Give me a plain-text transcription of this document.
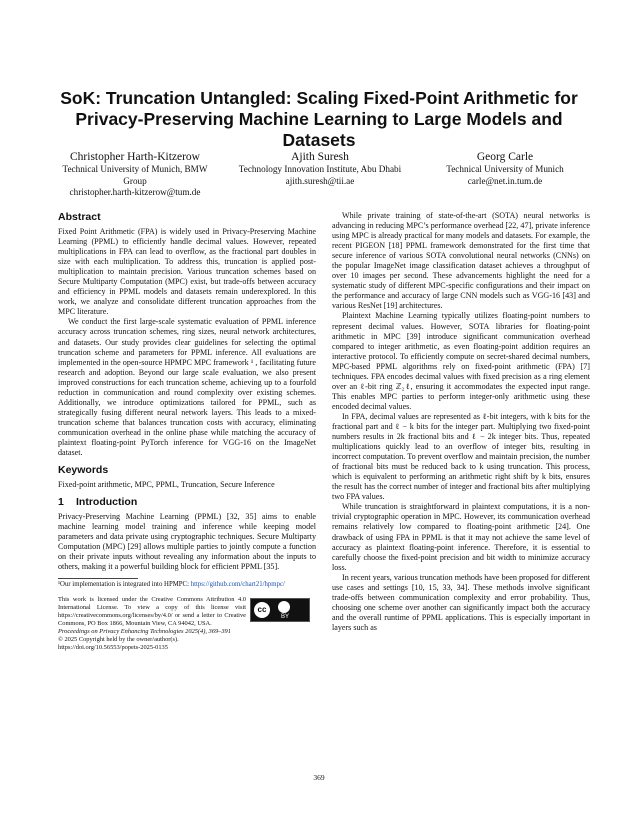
SoK: Truncation Untangled: Scaling Fixed-Point Arithmetic for Privacy-Preserving Machine Learning to Large Models and Datasets
Christopher Harth-Kitzerow
Technical University of Munich, BMW Group
christopher.harth-kitzerow@tum.de
Ajith Suresh
Technology Innovation Institute, Abu Dhabi
ajith.suresh@tii.ae
Georg Carle
Technical University of Munich
carle@net.in.tum.de
Abstract

Fixed Point Arithmetic (FPA) is widely used in Privacy-Preserving Machine Learning (PPML) to efficiently handle decimal values. However, repeated multiplications in FPA can lead to overflow, as the fractional part doubles in size with each multiplication. To address this, truncation is applied post-multiplication to maintain precision. Various truncation schemes based on Secure Multiparty Computation (MPC) exist, but trade-offs between accuracy and efficiency in PPML models and datasets remain underexplored. In this work, we analyze and consolidate different truncation approaches from the MPC literature.

We conduct the first large-scale systematic evaluation of PPML inference accuracy across truncation schemes, ring sizes, neural network architectures, and datasets. Our study provides clear guidelines for selecting the optimal truncation scheme and parameters for PPML inference. All evaluations are implemented in the open-source HPMPC MPC framework ¹ , facilitating future research and adoption. Beyond our large scale evaluation, we also present improved constructions for each truncation scheme, achieving up to a fourfold reduction in communication and round complexity over existing schemes. Additionally, we introduce optimizations tailored for PPML, such as strategically fusing different neural network layers. This leads to a mixed-truncation scheme that balances truncation costs with accuracy, eliminating communication overhead in the online phase while matching the accuracy of plaintext floating-point PyTorch inference for VGG-16 on the ImageNet dataset.

Keywords

Fixed-point arithmetic, MPC, PPML, Truncation, Secure Inference

1 Introduction

Privacy-Preserving Machine Learning (PPML) [32, 35] aims to enable machine learning model training and inference while keeping model parameters and data private using cryptographic techniques. Secure Multiparty Computation (MPC) [29] allows multiple parties to jointly compute a function on their private inputs without revealing any information about the inputs to others, making it a powerful building block for efficient PPML [35].

¹Our implementation is integrated into HPMPC: https://github.com/chart21/hpmpc/
This work is licensed under the Creative Commons Attribution 4.0 International License. To view a copy of this license visit https://creativecommons.org/licenses/by/4.0/ or send a letter to Creative Commons, PO Box 1866, Mountain View, CA 94042, USA.
cc
BY
Proceedings on Privacy Enhancing Technologies 2025(4), 369–391
© 2025 Copyright held by the owner/author(s).
https://doi.org/10.56553/popets-2025-0135

While private training of state-of-the-art (SOTA) neural networks is advancing in reducing MPC’s performance overhead [22, 47], private inference using MPC is already practical for many models and datasets. For example, the recent PIGEON [18] PPML framework demonstrated for the first time that secure inference of various SOTA convolutional neural networks (CNNs) on the popular ImageNet image classification dataset achieves a throughput of over 10 images per second. These advancements highlight the need for a systematic study of different MPC-specific configurations and their impact on the performance and accuracy of large CNN models such as VGG-16 [43] and various ResNet [19] architectures.

Plaintext Machine Learning typically utilizes floating-point numbers to represent decimal values. However, SOTA libraries for floating-point arithmetic in MPC [39] introduce significant communication overhead compared to integer arithmetic, as even floating-point addition requires an interactive protocol. To efficiently compute on secret-shared decimal numbers, MPC-based PPML algorithms rely on fixed-point arithmetic (FPA) [7] techniques. FPA encodes decimal values with fixed precision as a ring element over an ℓ-bit ring ℤ₂ℓ, ensuring it accommodates the expected input range. This enables MPC parties to perform integer-only arithmetic using these encoded decimal values.

In FPA, decimal values are represented as ℓ-bit integers, with k bits for the fractional part and ℓ − k bits for the integer part. Multiplying two fixed-point numbers results in 2k fractional bits and ℓ − 2k integer bits. Thus, repeated multiplications quickly lead to an overflow of integer bits, resulting in incorrect computation. To prevent overflow and maintain precision, the number of fractional bits must be reduced back to k using truncation. This process, which is equivalent to performing an arithmetic right shift by k bits, ensures the result has the correct number of integer and fractional bits after multiplying two FPA values.

While truncation is straightforward in plaintext computations, it is a non-trivial cryptographic operation in MPC. However, its communication overhead remains relatively low compared to floating-point arithmetic [24]. One drawback of using FPA in PPML is that it may not achieve the same level of accuracy as plaintext floating-point inference. Therefore, it is essential to carefully choose the fixed-point precision and bit width to minimize accuracy loss.

In recent years, various truncation methods have been proposed for different use cases and settings [10, 15, 33, 34]. These methods involve significant trade-offs between communication complexity and error probability. Thus, choosing one scheme over another can significantly impact both the accuracy and the overall runtime of PPML applications. This is especially important in layers such as

369
